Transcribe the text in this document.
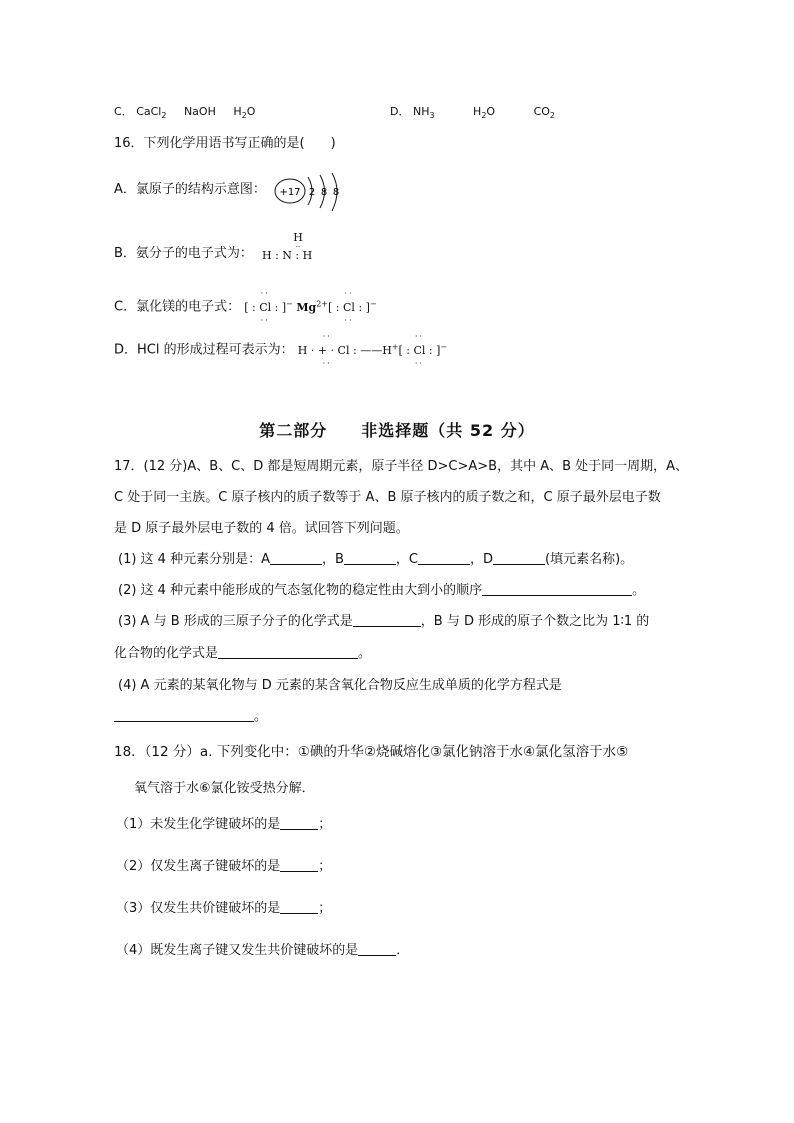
C． CaCl$_2$ NaOH $H_2O$	D． $NH_3$	$H_2O$	$CO_2$
16．下列化学用语书写正确的是(　　)
A．氯原子的结构示意图： +17 2 8 8
B．氨分子的电子式为：
H
··
H : N : H
C．氯化镁的电子式：
··
[ : Cl : ]
··
− $Mg^{2+}$
··
[ : Cl : ]
··
−
D．HCl 的形成过程可表示为：
··
H · + · Cl :
··
——H+
··
[ : Cl : ]
··
−
第二部分　　非选择题（共 52 分）
17．(12 分)A、B、C、D 都是短周期元素，原子半径 D>C>A>B，其中 A、B 处于同一周期，A、
C 处于同一主族。C 原子核内的质子数等于 A、B 原子核内的质子数之和，C 原子最外层电子数
是 D 原子最外层电子数的 4 倍。试回答下列问题。
(1) 这 4 种元素分别是：A	，B	，C	，D	(填元素名称)。
(2) 这 4 种元素中能形成的气态氢化物的稳定性由大到小的顺序	。
(3) A 与 B 形成的三原子分子的化学式是	，B 与 D 形成的原子个数之比为 1∶1 的
化合物的化学式是	。
(4) A 元素的某氧化物与 D 元素的某含氧化合物反应生成单质的化学方程式是
。
18．（12 分）a. 下列变化中：①碘的升华②烧碱熔化③氯化钠溶于水④氯化氢溶于水⑤
氧气溶于水⑥氯化铵受热分解．
（1）未发生化学键破坏的是	；
（2）仅发生离子键破坏的是	；
（3）仅发生共价键破坏的是	；
（4）既发生离子键又发生共价键破坏的是	．
